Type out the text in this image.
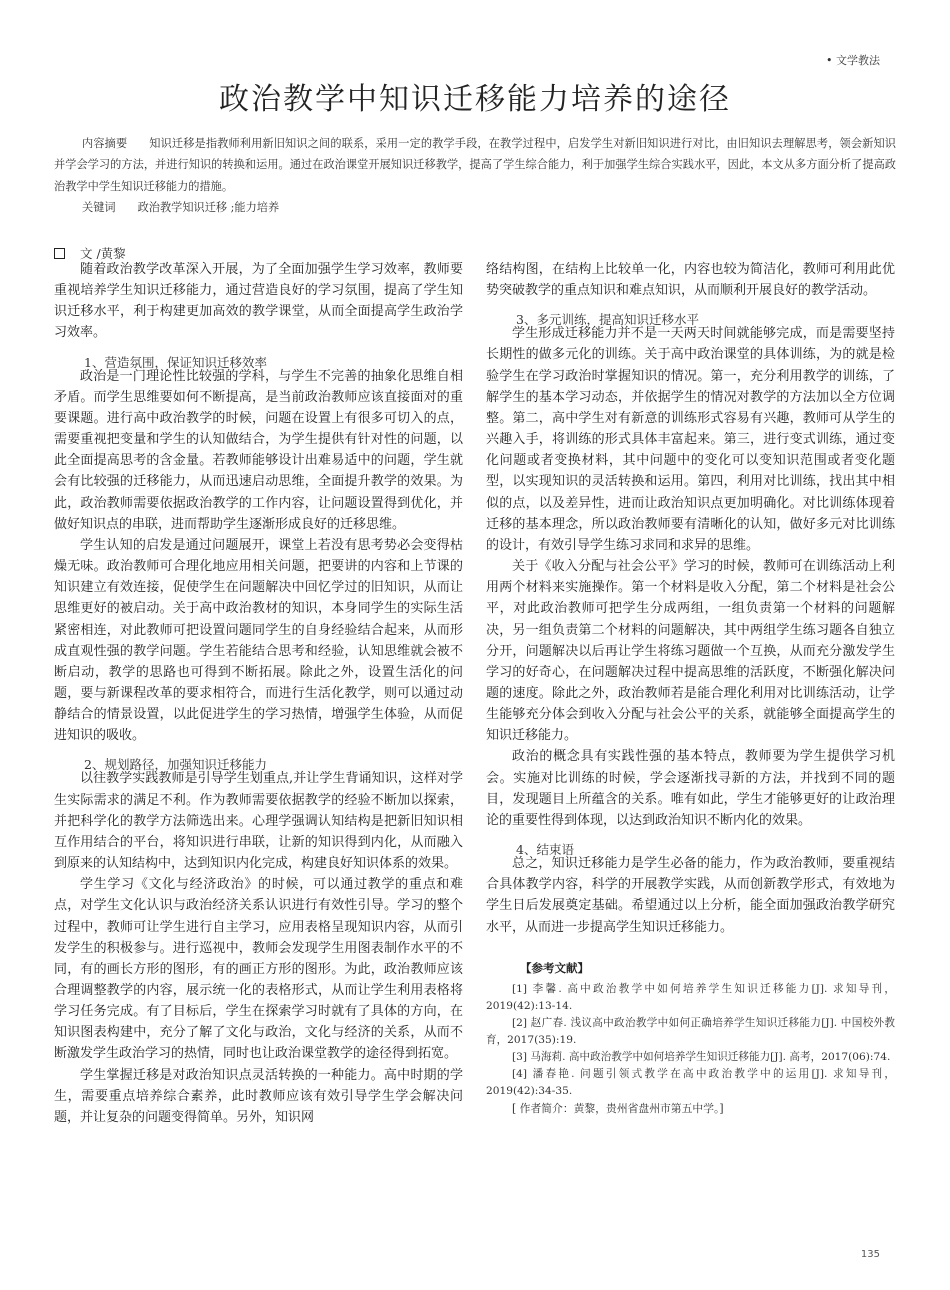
• 文学教法
政治教学中知识迁移能力培养的途径

内容摘要 知识迁移是指教师利用新旧知识之间的联系，采用一定的教学手段，在教学过程中，启发学生对新旧知识进行对比，由旧知识去理解思考，领会新知识并学会学习的方法，并进行知识的转换和运用。通过在政治课堂开展知识迁移教学，提高了学生综合能力，利于加强学生综合实践水平，因此，本文从多方面分析了提高政治教学中学生知识迁移能力的措施。

关键词 政治教学知识迁移 ;能力培养
文 /黄黎

随着政治教学改革深入开展，为了全面加强学生学习效率，教师要重视培养学生知识迁移能力，通过营造良好的学习氛围，提高了学生知识迁移水平，利于构建更加高效的教学课堂，从而全面提高学生政治学习效率。

1、营造氛围，保证知识迁移效率

政治是一门理论性比较强的学科，与学生不完善的抽象化思维自相矛盾。而学生思维要如何不断提高，是当前政治教师应该直接面对的重要课题。进行高中政治教学的时候，问题在设置上有很多可切入的点，需要重视把变量和学生的认知做结合，为学生提供有针对性的问题，以此全面提高思考的含金量。若教师能够设计出难易适中的问题，学生就会有比较强的迁移能力，从而迅速启动思维，全面提升教学的效果。为此，政治教师需要依据政治教学的工作内容，让问题设置得到优化，并做好知识点的串联，进而帮助学生逐渐形成良好的迁移思维。

学生认知的启发是通过问题展开，课堂上若没有思考势必会变得枯燥无味。政治教师可合理化地应用相关问题，把要讲的内容和上节课的知识建立有效连接，促使学生在问题解决中回忆学过的旧知识，从而让思维更好的被启动。关于高中政治教材的知识，本身同学生的实际生活紧密相连，对此教师可把设置问题同学生的自身经验结合起来，从而形成直观性强的教学问题。学生若能结合思考和经验，认知思维就会被不断启动，教学的思路也可得到不断拓展。除此之外，设置生活化的问题，要与新课程改革的要求相符合，而进行生活化教学，则可以通过动静结合的情景设置，以此促进学生的学习热情，增强学生体验，从而促进知识的吸收。

2、规划路径，加强知识迁移能力

以往教学实践教师是引导学生划重点,并让学生背诵知识，这样对学生实际需求的满足不利。作为教师需要依据教学的经验不断加以探索，并把科学化的教学方法筛选出来。心理学强调认知结构是把新旧知识相互作用结合的平台，将知识进行串联，让新的知识得到内化，从而融入到原来的认知结构中，达到知识内化完成，构建良好知识体系的效果。

学生学习《文化与经济政治》的时候，可以通过教学的重点和难点，对学生文化认识与政治经济关系认识进行有效性引导。学习的整个过程中，教师可让学生进行自主学习，应用表格呈现知识内容，从而引发学生的积极参与。进行巡视中，教师会发现学生用图表制作水平的不同，有的画长方形的图形，有的画正方形的图形。为此，政治教师应该合理调整教学的内容，展示统一化的表格形式，从而让学生利用表格将学习任务完成。有了目标后，学生在探索学习时就有了具体的方向，在知识图表构建中，充分了解了文化与政治，文化与经济的关系，从而不断激发学生政治学习的热情，同时也让政治课堂教学的途径得到拓宽。

学生掌握迁移是对政治知识点灵活转换的一种能力。高中时期的学生，需要重点培养综合素养，此时教师应该有效引导学生学会解决问题，并让复杂的问题变得简单。另外，知识网

络结构图，在结构上比较单一化，内容也较为简洁化，教师可利用此优势突破教学的重点知识和难点知识，从而顺利开展良好的教学活动。

3、多元训练，提高知识迁移水平

学生形成迁移能力并不是一天两天时间就能够完成，而是需要坚持长期性的做多元化的训练。关于高中政治课堂的具体训练，为的就是检验学生在学习政治时掌握知识的情况。第一，充分利用教学的训练，了解学生的基本学习动态，并依据学生的情况对教学的方法加以全方位调整。第二，高中学生对有新意的训练形式容易有兴趣，教师可从学生的兴趣入手，将训练的形式具体丰富起来。第三，进行变式训练，通过变化问题或者变换材料，其中问题中的变化可以变知识范围或者变化题型，以实现知识的灵活转换和运用。第四，利用对比训练，找出其中相似的点，以及差异性，进而让政治知识点更加明确化。对比训练体现着迁移的基本理念，所以政治教师要有清晰化的认知，做好多元对比训练的设计，有效引导学生练习求同和求异的思维。

关于《收入分配与社会公平》学习的时候，教师可在训练活动上利用两个材料来实施操作。第一个材料是收入分配，第二个材料是社会公平，对此政治教师可把学生分成两组，一组负责第一个材料的问题解决，另一组负责第二个材料的问题解决，其中两组学生练习题各自独立分开，问题解决以后再让学生将练习题做一个互换，从而充分激发学生学习的好奇心，在问题解决过程中提高思维的活跃度，不断强化解决问题的速度。除此之外，政治教师若是能合理化利用对比训练活动，让学生能够充分体会到收入分配与社会公平的关系，就能够全面提高学生的知识迁移能力。

政治的概念具有实践性强的基本特点，教师要为学生提供学习机会。实施对比训练的时候，学会逐渐找寻新的方法，并找到不同的题目，发现题目上所蕴含的关系。唯有如此，学生才能够更好的让政治理论的重要性得到体现，以达到政治知识不断内化的效果。

4、结束语

总之，知识迁移能力是学生必备的能力，作为政治教师，要重视结合具体教学内容，科学的开展教学实践，从而创新教学形式，有效地为学生日后发展奠定基础。希望通过以上分析，能全面加强政治教学研究水平，从而进一步提高学生知识迁移能力。

【参考文献】

[1] 李馨. 高中政治教学中如何培养学生知识迁移能力[J]. 求知导刊，2019(42):13-14.

[2] 赵广春. 浅议高中政治教学中如何正确培养学生知识迁移能力[J]. 中国校外教育，2017(35):19.

[3] 马海莉. 高中政治教学中如何培养学生知识迁移能力[J]. 高考，2017(06):74.

[4] 潘春艳. 问题引领式教学在高中政治教学中的运用[J]. 求知导刊，2019(42):34-35.

[ 作者简介：黄黎，贵州省盘州市第五中学。]
135
